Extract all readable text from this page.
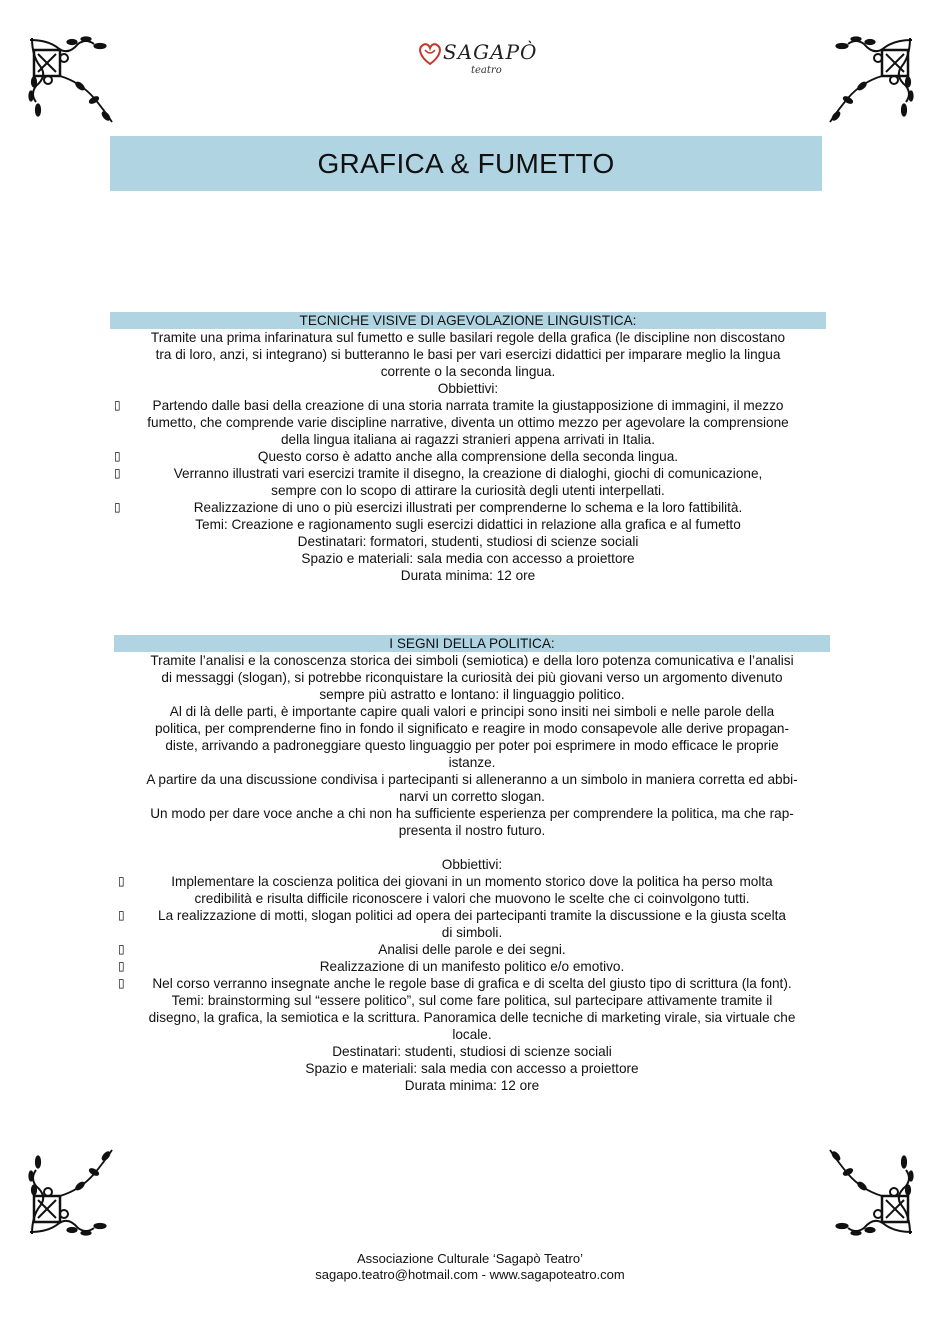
SAGAPÒ
teatro
GRAFICA & FUMETTO
TECNICHE VISIVE DI AGEVOLAZIONE LINGUISTICA:
Tramite una prima infarinatura sul fumetto e sulle basilari regole della grafica (le discipline non discostano
tra di loro, anzi, si integrano) si butteranno le basi per vari esercizi didattici per imparare meglio la lingua
corrente o la seconda lingua.
Obbiettivi:
▯	Partendo dalle basi della creazione di una storia narrata tramite la giustapposizione di immagini, il mezzo
fumetto, che comprende varie discipline narrative, diventa un ottimo mezzo per agevolare la comprensione
della lingua italiana ai ragazzi stranieri appena arrivati in Italia.
▯	Questo corso è adatto anche alla comprensione della seconda lingua.
▯	Verranno illustrati vari esercizi tramite il disegno, la creazione di dialoghi, giochi di comunicazione,
sempre con lo scopo di attirare la curiosità degli utenti interpellati.
▯	Realizzazione di uno o più esercizi illustrati per comprenderne lo schema e la loro fattibilità.
Temi: Creazione e ragionamento sugli esercizi didattici in relazione alla grafica e al fumetto
Destinatari: formatori, studenti, studiosi di scienze sociali
Spazio e materiali: sala media con accesso a proiettore
Durata minima: 12 ore
I SEGNI DELLA POLITICA:
Tramite l’analisi e la conoscenza storica dei simboli (semiotica) e della loro potenza comunicativa e l’analisi
di messaggi (slogan), si potrebbe riconquistare la curiosità dei più giovani verso un argomento divenuto
sempre più astratto e lontano: il linguaggio politico.
Al di là delle parti, è importante capire quali valori e principi sono insiti nei simboli e nelle parole della
politica, per comprenderne fino in fondo il significato e reagire in modo consapevole alle derive propagan-
diste, arrivando a padroneggiare questo linguaggio per poter poi esprimere in modo efficace le proprie
istanze.
A partire da una discussione condivisa i partecipanti si alleneranno a un simbolo in maniera corretta ed abbi-
narvi un corretto slogan.
Un modo per dare voce anche a chi non ha sufficiente esperienza per comprendere la politica, ma che rap-
presenta il nostro futuro.
Obbiettivi:
▯	Implementare la coscienza politica dei giovani in un momento storico dove la politica ha perso molta
credibilità e risulta difficile riconoscere i valori che muovono le scelte che ci coinvolgono tutti.
▯	La realizzazione di motti, slogan politici ad opera dei partecipanti tramite la discussione e la giusta scelta
di simboli.
▯	Analisi delle parole e dei segni.
▯	Realizzazione di un manifesto politico e/o emotivo.
▯	Nel corso verranno insegnate anche le regole base di grafica e di scelta del giusto tipo di scrittura (la font).
Temi: brainstorming sul “essere politico”, sul come fare politica, sul partecipare attivamente tramite il
disegno, la grafica, la semiotica e la scrittura. Panoramica delle tecniche di marketing virale, sia virtuale che
locale.
Destinatari: studenti, studiosi di scienze sociali
Spazio e materiali: sala media con accesso a proiettore
Durata minima: 12 ore
Associazione Culturale ‘Sagapò Teatro’
sagapo.teatro@hotmail.com - www.sagapoteatro.com
